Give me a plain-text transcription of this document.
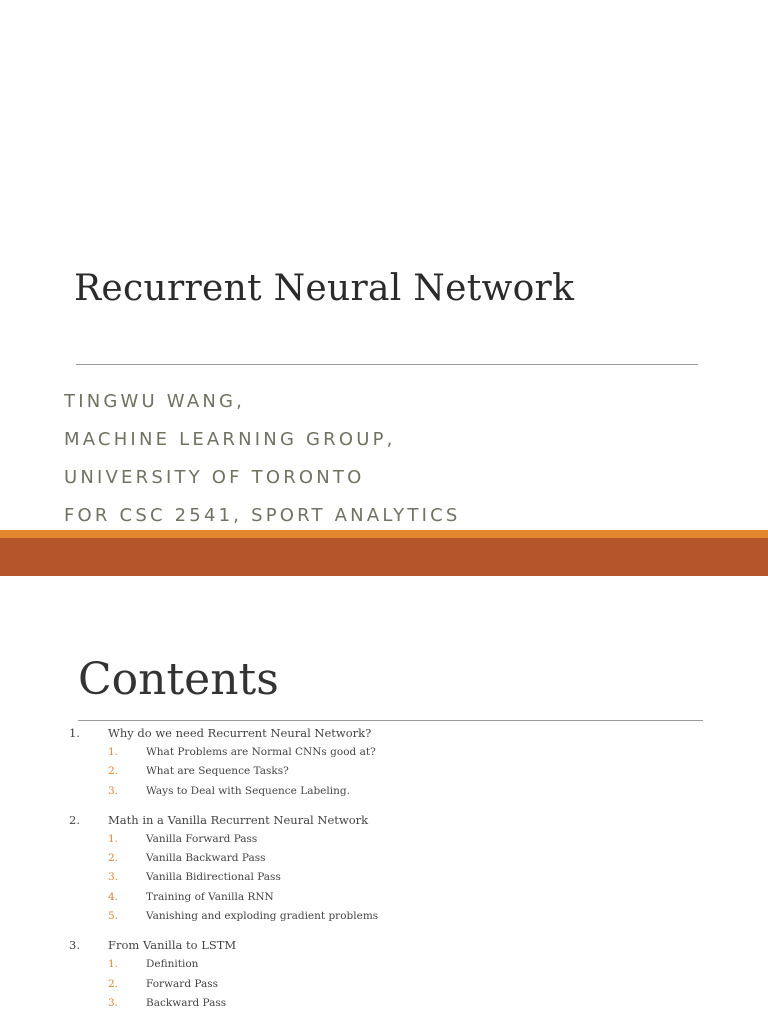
Recurrent Neural Network
TINGWU WANG,
MACHINE LEARNING GROUP,
UNIVERSITY OF TORONTO
FOR CSC 2541, SPORT ANALYTICS
Contents
1.	Why do we need Recurrent Neural Network?
1.	What Problems are Normal CNNs good at?
2.	What are Sequence Tasks?
3.	Ways to Deal with Sequence Labeling.
2.	Math in a Vanilla Recurrent Neural Network
1.	Vanilla Forward Pass
2.	Vanilla Backward Pass
3.	Vanilla Bidirectional Pass
4.	Training of Vanilla RNN
5.	Vanishing and exploding gradient problems
3.	From Vanilla to LSTM
1.	Definition
2.	Forward Pass
3.	Backward Pass
